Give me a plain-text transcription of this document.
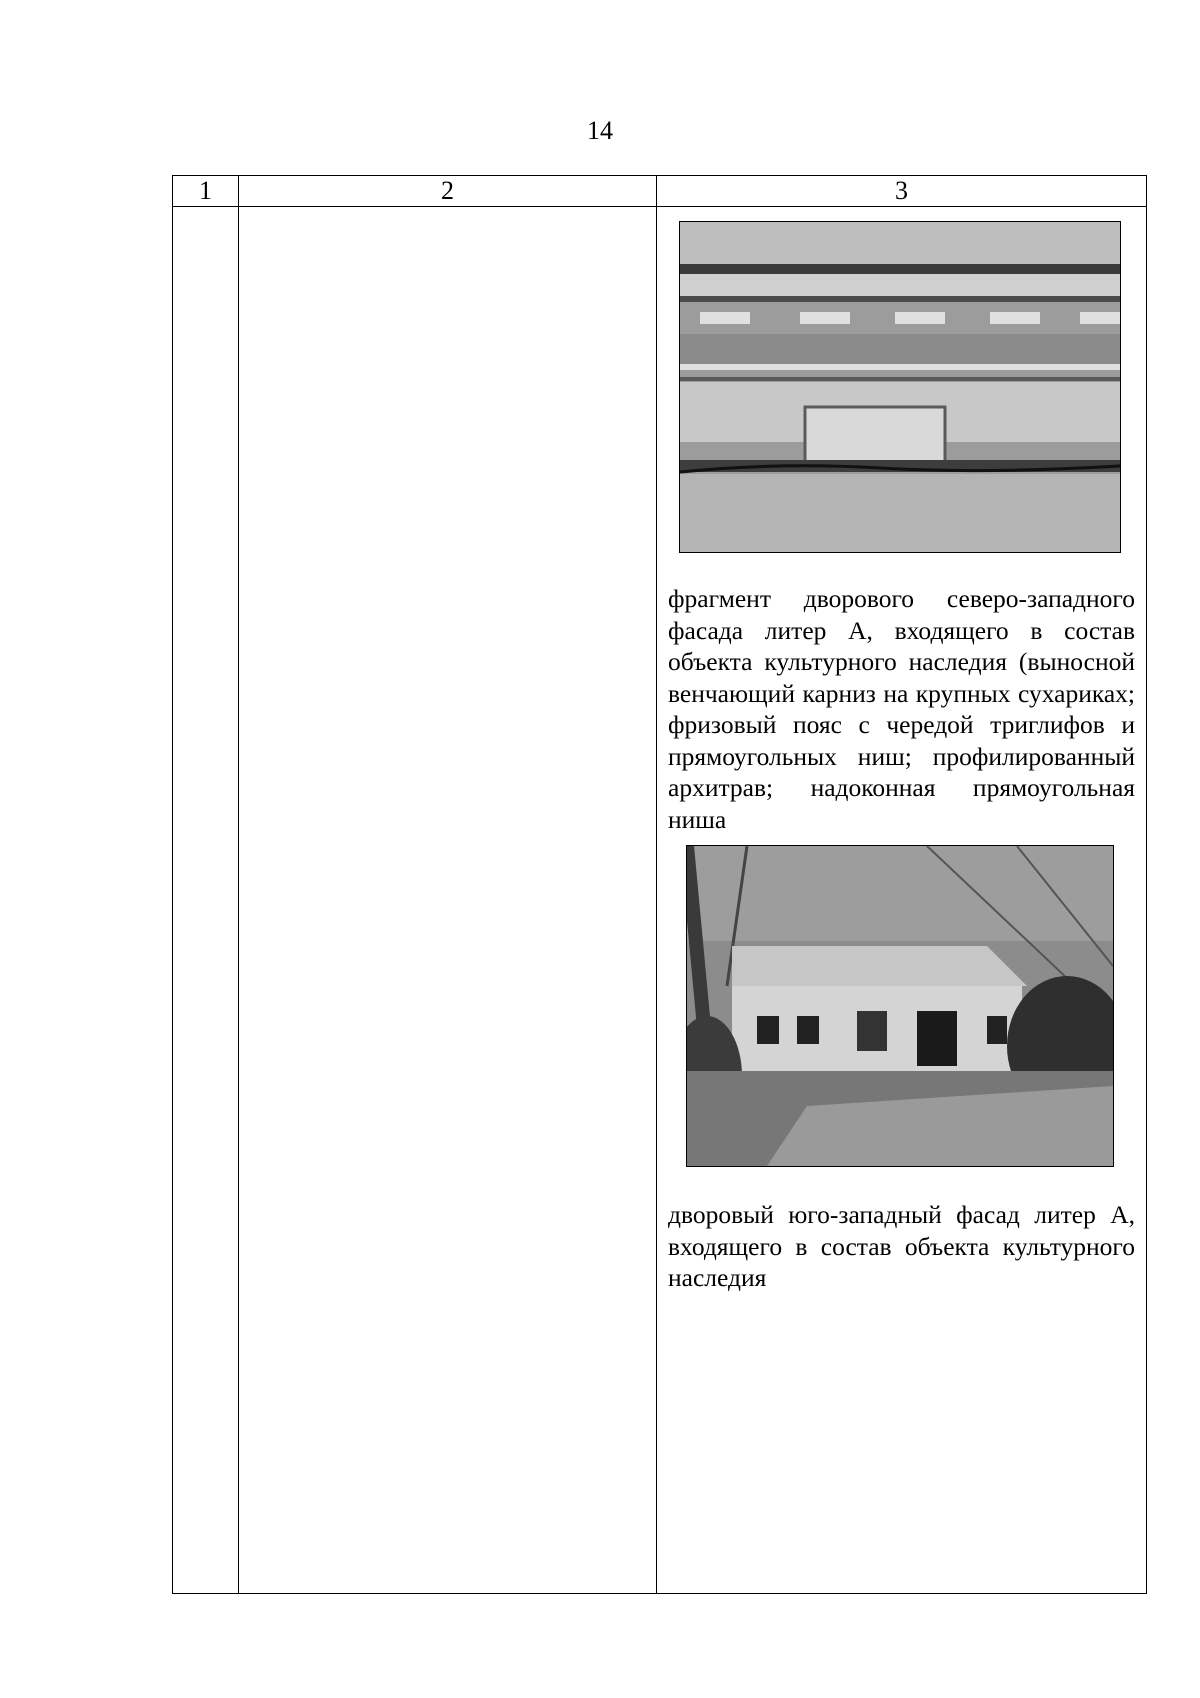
14
1	2	3

		фрагмент дворового северо-западного фасада литер А, входящего в состав объекта культурного наследия (выносной венчающий карниз на крупных сухариках; фризовый пояс с чередой триглифов и прямоугольных ниш; профилированный архитрав; надоконная прямоугольная ниша

дворовый юго-западный фасад литер А, входящего в состав объекта культурного наследия
